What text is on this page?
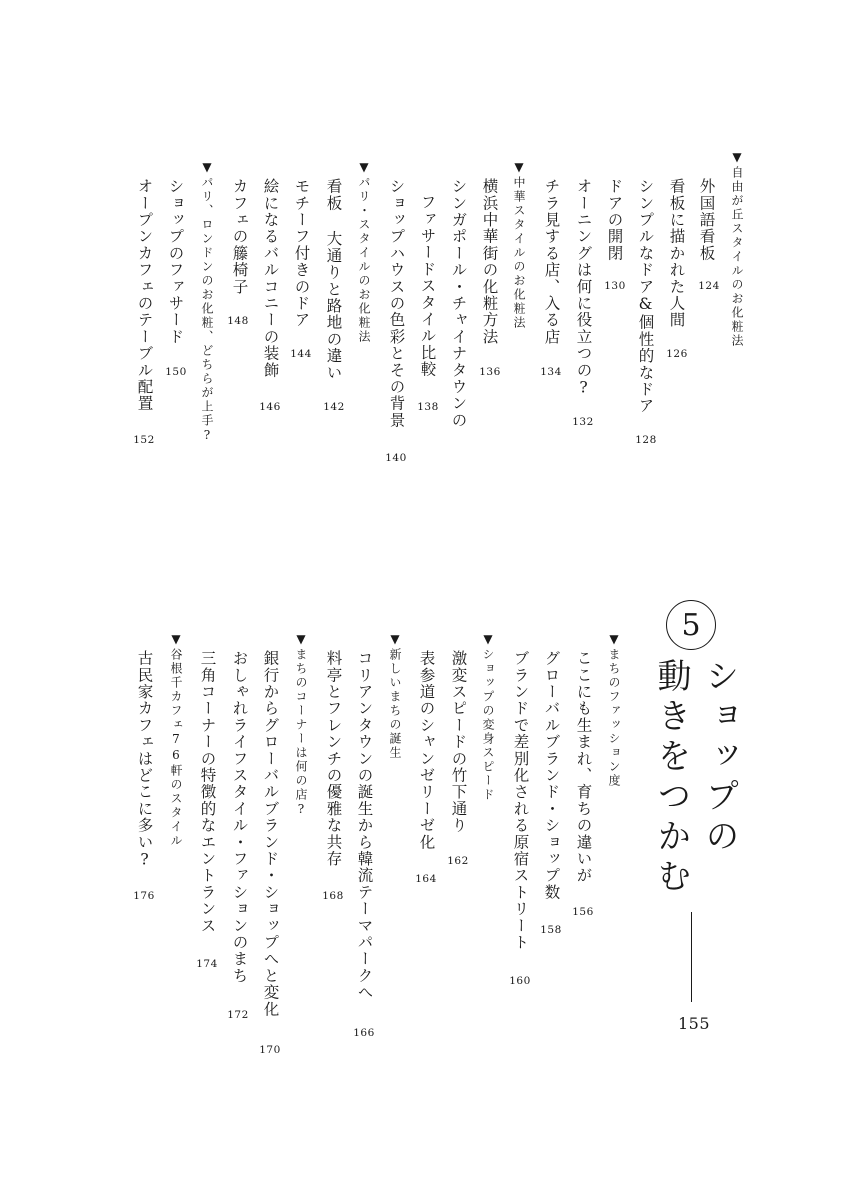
▼自由が丘スタイルのお化粧法
外国語看板
124
看板に描かれた人間
126
シンプルなドア&個性的なドア
128
ドアの開閉
130
オーニングは何に役立つの?
132
チラ見する店、入る店
134
▼中華スタイルのお化粧法
横浜中華街の化粧方法
136
シンガポール・チャイナタウンの
ファサードスタイル比較
138
ショップハウスの色彩とその背景
140
▼パリ・スタイルのお化粧法
看板 大通りと路地の違い
142
モチーフ付きのドア
144
絵になるバルコニーの装飾
146
カフェの籐椅子
148
▼パリ、ロンドンのお化粧、どちらが上手?
ショップのファサード
150
オープンカフェのテーブル配置
152
5
ショップの
動きをつかむ
155
▼まちのファッション度
ここにも生まれ、育ちの違いが
156
グローバルブランド・ショップ数
158
ブランドで差別化される原宿ストリート
160
▼ショップの変身スピード
激変スピードの竹下通り
162
表参道のシャンゼリーゼ化
164
▼新しいまちの誕生
コリアンタウンの誕生から韓流テーマパークへ
166
料亭とフレンチの優雅な共存
168
▼まちのコーナーは何の店?
銀行からグローバルブランド・ショップへと変化
170
おしゃれライフスタイル・ファションのまち
172
三角コーナーの特徴的なエントランス
174
▼谷根千カフェ76軒のスタイル
古民家カフェはどこに多い?
176
